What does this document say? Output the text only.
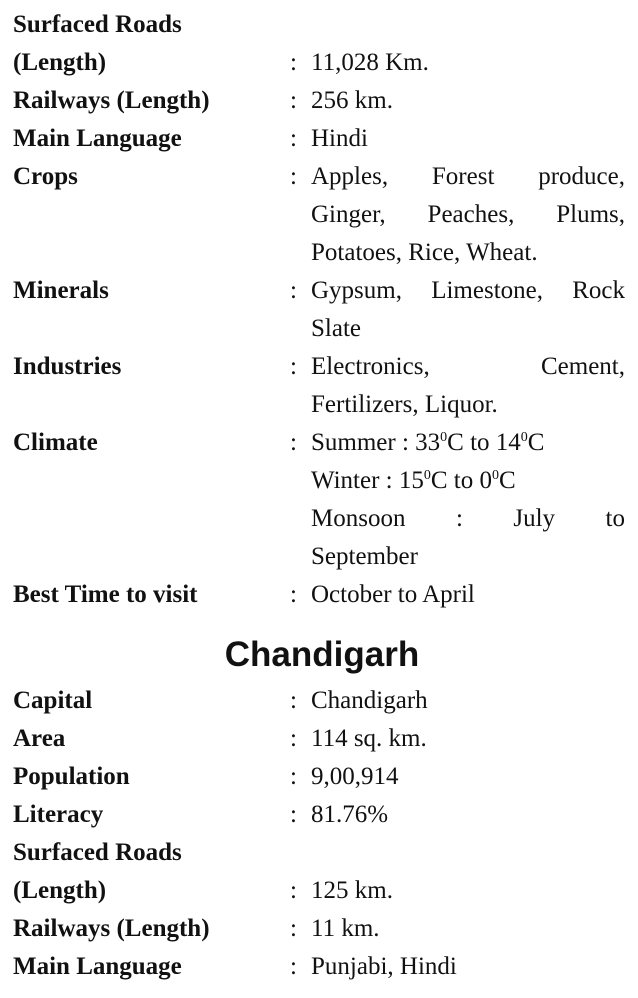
Surfaced Roads
(Length)	: 11,028 Km.
Railways (Length)	: 256 km.
Main Language	: Hindi
Crops	: Apples, Forest produce,
Ginger, Peaches, Plums,
Potatoes, Rice, Wheat.
Minerals	: Gypsum, Limestone, Rock
Slate
Industries	: Electronics, Cement,
Fertilizers, Liquor.
Climate	: Summer : $33^0C$ to $14^0C$
Winter : $15^0C$ to $0^0C$
Monsoon : July to
September
Best Time to visit	: October to April
Chandigarh
Capital	: Chandigarh
Area	: 114 sq. km.
Population	: 9,00,914
Literacy	: 81.76%
Surfaced Roads
(Length)	: 125 km.
Railways (Length)	: 11 km.
Main Language	: Punjabi, Hindi
